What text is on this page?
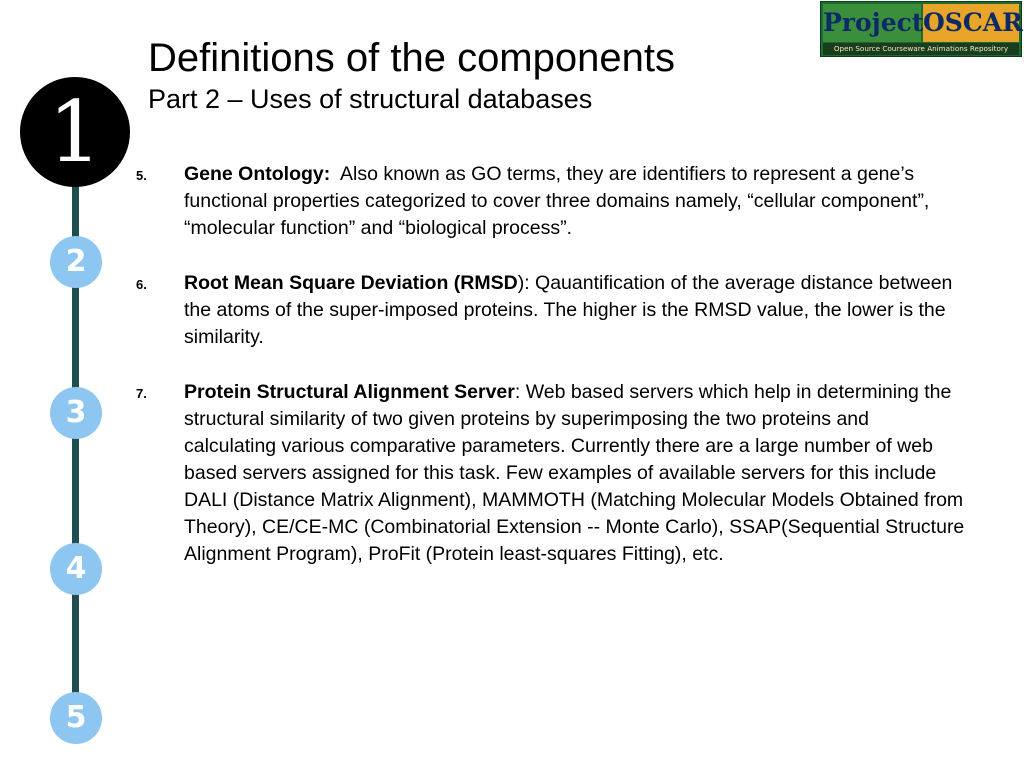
1
2
3
4
5
Definitions of the components
Part 2 – Uses of structural databases
Project OSCAR
Open Source Courseware Animations Repository
5. Gene Ontology:  Also known as GO terms, they are identifiers to represent a gene’s functional properties categorized to cover three domains namely, “cellular component”, “molecular function” and “biological process”.
6. Root Mean Square Deviation (RMSD): Qauantification of the average distance between the atoms of the super-imposed proteins. The higher is the RMSD value, the lower is the similarity.
7. Protein Structural Alignment Server: Web based servers which help in determining the structural similarity of two given proteins by superimposing the two proteins and calculating various comparative parameters. Currently there are a large number of web based servers assigned for this task. Few examples of available servers for this include DALI (Distance Matrix Alignment), MAMMOTH (Matching Molecular Models Obtained from Theory), CE/CE-MC (Combinatorial Extension -- Monte Carlo), SSAP(Sequential Structure Alignment Program), ProFit (Protein least-squares Fitting), etc.
